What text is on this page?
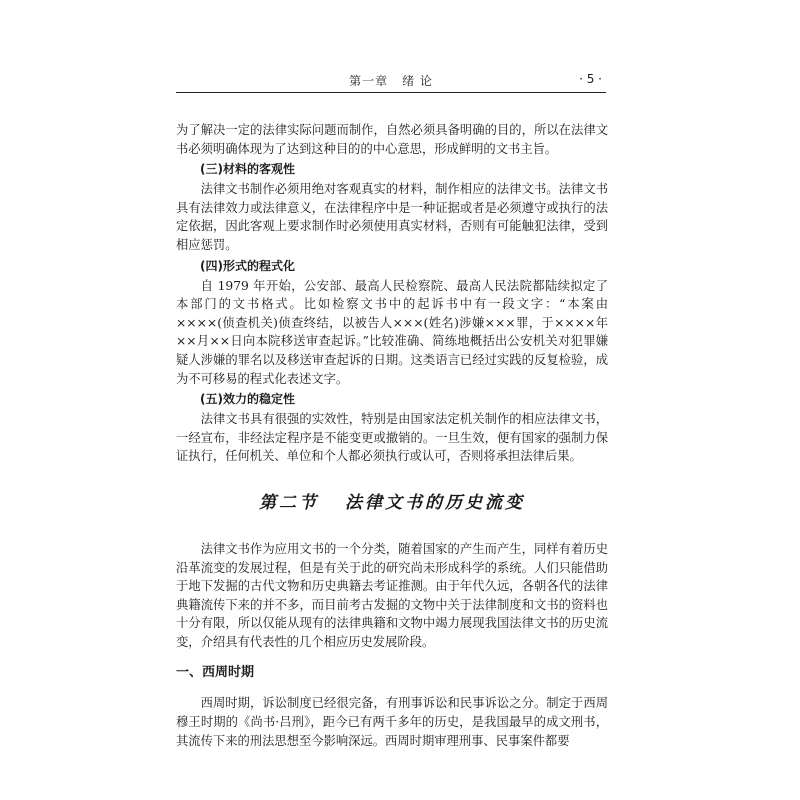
第一章 绪 论	· 5 ·

为了解决一定的法律实际问题而制作，自然必须具备明确的目的，所以在法律文书必须明确体现为了达到这种目的的中心意思，形成鲜明的文书主旨。

(三)材料的客观性

法律文书制作必须用绝对客观真实的材料，制作相应的法律文书。法律文书具有法律效力或法律意义，在法律程序中是一种证据或者是必须遵守或执行的法定依据，因此客观上要求制作时必须使用真实材料，否则有可能触犯法律，受到相应惩罚。

(四)形式的程式化

自 1979 年开始，公安部、最高人民检察院、最高人民法院都陆续拟定了本部门的文书格式。比如检察文书中的起诉书中有一段文字：“本案由××××(侦查机关)侦查终结，以被告人×××(姓名)涉嫌×××罪，于××××年××月××日向本院移送审查起诉。”比较准确、简练地概括出公安机关对犯罪嫌疑人涉嫌的罪名以及移送审查起诉的日期。这类语言已经过实践的反复检验，成为不可移易的程式化表述文字。

(五)效力的稳定性

法律文书具有很强的实效性，特别是由国家法定机关制作的相应法律文书，一经宣布，非经法定程序是不能变更或撤销的。一旦生效，便有国家的强制力保证执行，任何机关、单位和个人都必须执行或认可，否则将承担法律后果。

第二节 法律文书的历史流变

法律文书作为应用文书的一个分类，随着国家的产生而产生，同样有着历史沿革流变的发展过程，但是有关于此的研究尚未形成科学的系统。人们只能借助于地下发掘的古代文物和历史典籍去考证推测。由于年代久远，各朝各代的法律典籍流传下来的并不多，而目前考古发掘的文物中关于法律制度和文书的资料也十分有限，所以仅能从现有的法律典籍和文物中竭力展现我国法律文书的历史流变，介绍具有代表性的几个相应历史发展阶段。

一、西周时期

西周时期，诉讼制度已经很完备，有刑事诉讼和民事诉讼之分。制定于西周穆王时期的《尚书·吕刑》，距今已有两千多年的历史，是我国最早的成文刑书，其流传下来的刑法思想至今影响深远。西周时期审理刑事、民事案件都要
